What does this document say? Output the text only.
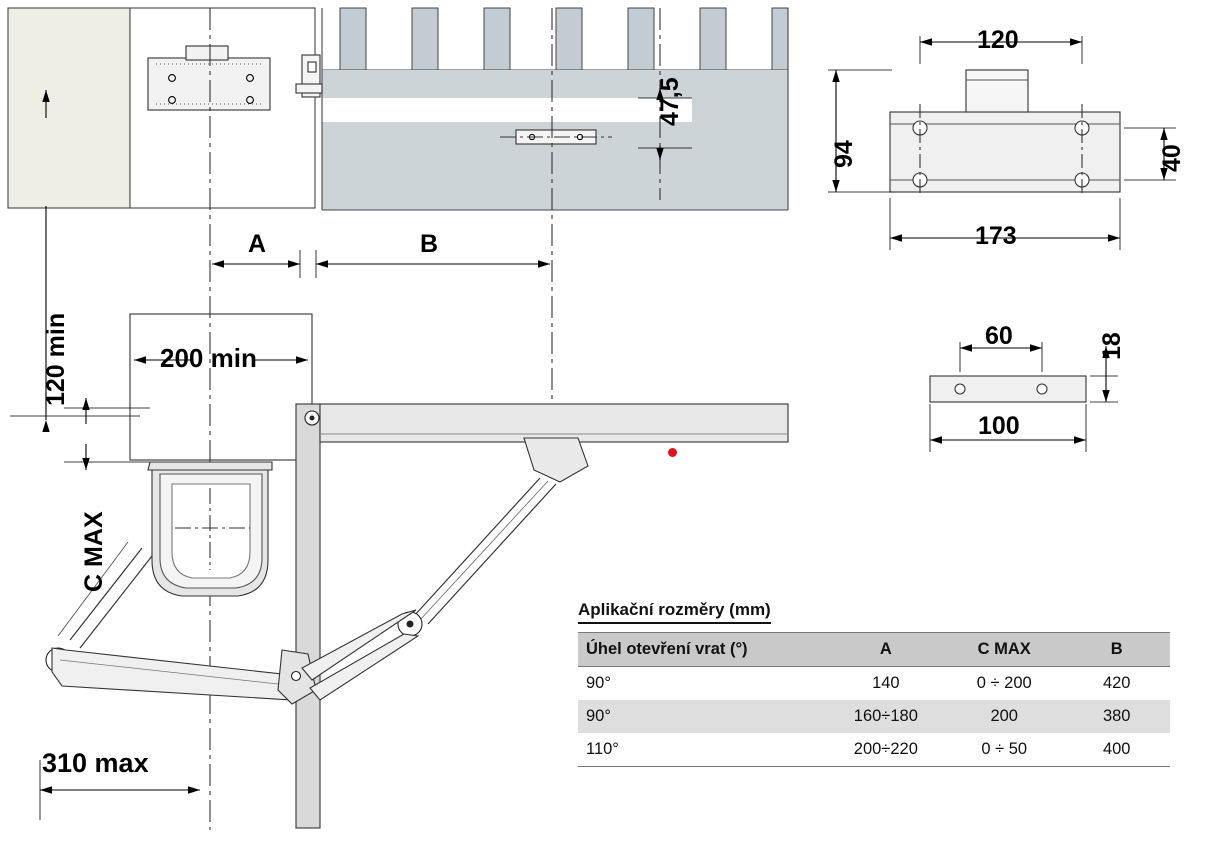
A	B
47,5
120 min	200 min
C MAX
310 max
120
94	40
173
60	18
100
Aplikační rozměry (mm)
Úhel otevření vrat (°)	A	C MAX	B
90°	140	0 ÷ 200	420
90°	160÷180	200	380
110°	200÷220	0 ÷ 50	400
